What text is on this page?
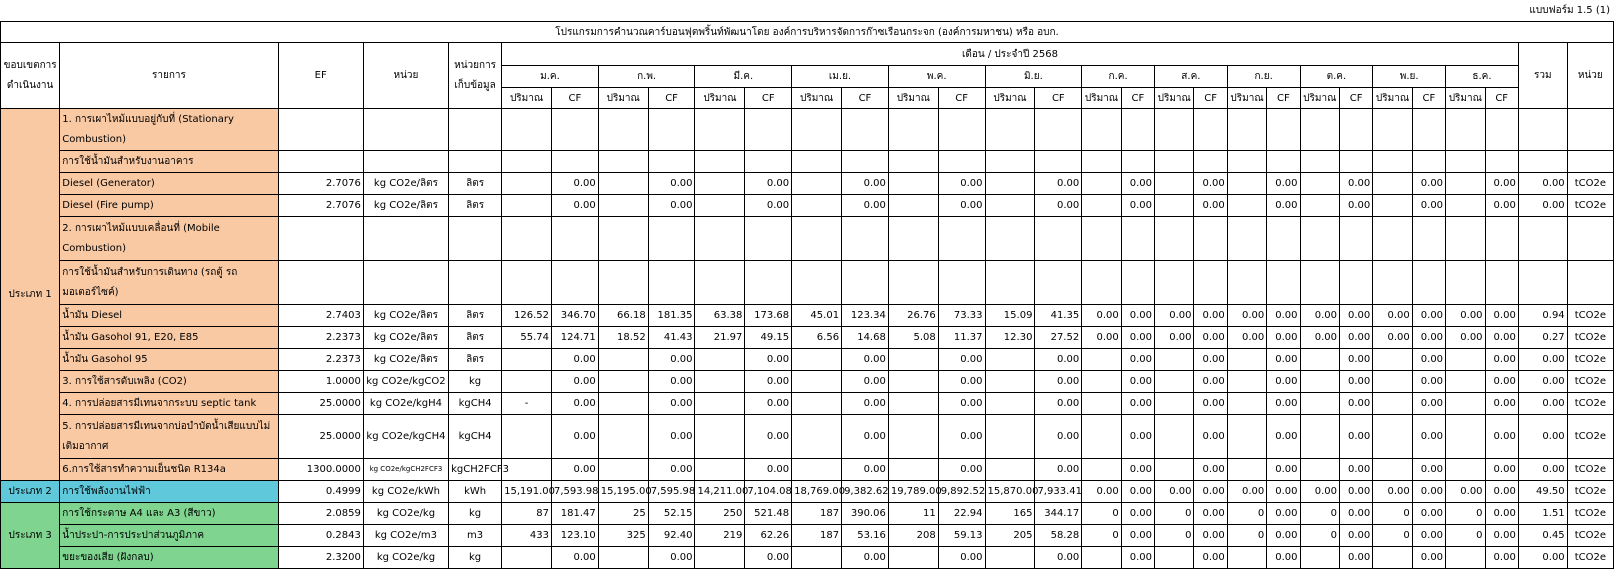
แบบฟอร์ม 1.5 (1)
โปรแกรมการคำนวณคาร์บอนฟุตพริ้นท์พัฒนาโดย องค์การบริหารจัดการก๊าซเรือนกระจก (องค์การมหาชน) หรือ อบก.																														
ขอบเขตการดำเนินงาน	รายการ	EF	หน่วย	หน่วยการเก็บข้อมูล	เดือน / ประจำปี 2568																								รวม	หน่วย
					ม.ค.		ก.พ.		มี.ค.		เม.ย.		พ.ค.		มิ.ย.		ก.ค.		ส.ค.		ก.ย.		ต.ค.		พ.ย.		ธ.ค.			
					ปริมาณ	CF	ปริมาณ	CF	ปริมาณ	CF	ปริมาณ	CF	ปริมาณ	CF	ปริมาณ	CF	ปริมาณ	CF	ปริมาณ	CF	ปริมาณ	CF	ปริมาณ	CF	ปริมาณ	CF	ปริมาณ	CF		
ประเภท 1	1. การเผาไหม้แบบอยู่กับที่ (Stationary Combustion)																													
	การใช้น้ำมันสำหรับงานอาคาร																													
	Diesel (Generator)	2.7076	kg CO2e/ลิตร	ลิตร		0.00		0.00		0.00		0.00		0.00		0.00		0.00		0.00		0.00		0.00		0.00		0.00	0.00	tCO2e
	Diesel (Fire pump)	2.7076	kg CO2e/ลิตร	ลิตร		0.00		0.00		0.00		0.00		0.00		0.00		0.00		0.00		0.00		0.00		0.00		0.00	0.00	tCO2e
	2. การเผาไหม้แบบเคลื่อนที่ (Mobile Combustion)																													
	การใช้น้ำมันสำหรับการเดินทาง (รถตู้ รถมอเตอร์ไซค์)																													
	น้ำมัน Diesel	2.7403	kg CO2e/ลิตร	ลิตร	126.52	346.70	66.18	181.35	63.38	173.68	45.01	123.34	26.76	73.33	15.09	41.35	0.00	0.00	0.00	0.00	0.00	0.00	0.00	0.00	0.00	0.00	0.00	0.00	0.94	tCO2e
	น้ำมัน Gasohol 91, E20, E85	2.2373	kg CO2e/ลิตร	ลิตร	55.74	124.71	18.52	41.43	21.97	49.15	6.56	14.68	5.08	11.37	12.30	27.52	0.00	0.00	0.00	0.00	0.00	0.00	0.00	0.00	0.00	0.00	0.00	0.00	0.27	tCO2e
	น้ำมัน Gasohol 95	2.2373	kg CO2e/ลิตร	ลิตร		0.00		0.00		0.00		0.00		0.00		0.00		0.00		0.00		0.00		0.00		0.00		0.00	0.00	tCO2e
	3. การใช้สารดับเพลิง (CO2)	1.0000	kg CO2e/kgCO2	kg		0.00		0.00		0.00		0.00		0.00		0.00		0.00		0.00		0.00		0.00		0.00		0.00	0.00	tCO2e
	4. การปล่อยสารมีเทนจากระบบ septic tank	25.0000	kg CO2e/kgH4	kgCH4	-	0.00		0.00		0.00		0.00		0.00		0.00		0.00		0.00		0.00		0.00		0.00		0.00	0.00	tCO2e
	5. การปล่อยสารมีเทนจากบ่อบำบัดน้ำเสียแบบไม่เติมอากาศ	25.0000	kg CO2e/kgCH4	kgCH4		0.00		0.00		0.00		0.00		0.00		0.00		0.00		0.00		0.00		0.00		0.00		0.00	0.00	tCO2e
	6.การใช้สารทำความเย็นชนิด R134a	1300.0000	kg CO2e/kgCH2FCF3	kgCH2FCF3		0.00		0.00		0.00		0.00		0.00		0.00		0.00		0.00		0.00		0.00		0.00		0.00	0.00	tCO2e
ประเภท 2	การใช้พลังงานไฟฟ้า	0.4999	kg CO2e/kWh	kWh	15,191.00	7,593.98	15,195.00	7,595.98	14,211.00	7,104.08	18,769.00	9,382.62	19,789.00	9,892.52	15,870.00	7,933.41	0.00	0.00	0.00	0.00	0.00	0.00	0.00	0.00	0.00	0.00	0.00	0.00	49.50	tCO2e
ประเภท 3	การใช้กระดาษ A4 และ A3 (สีขาว)	2.0859	kg CO2e/kg	kg	87	181.47	25	52.15	250	521.48	187	390.06	11	22.94	165	344.17	0	0.00	0	0.00	0	0.00	0	0.00	0	0.00	0	0.00	1.51	tCO2e
	น้ำประปา-การประปาส่วนภูมิภาค	0.2843	kg CO2e/m3	m3	433	123.10	325	92.40	219	62.26	187	53.16	208	59.13	205	58.28	0	0.00	0	0.00	0	0.00	0	0.00	0	0.00	0	0.00	0.45	tCO2e
	ขยะของเสีย (ฝังกลบ)	2.3200	kg CO2e/kg	kg		0.00		0.00		0.00		0.00		0.00		0.00		0.00		0.00		0.00		0.00		0.00		0.00	0.00	tCO2e
